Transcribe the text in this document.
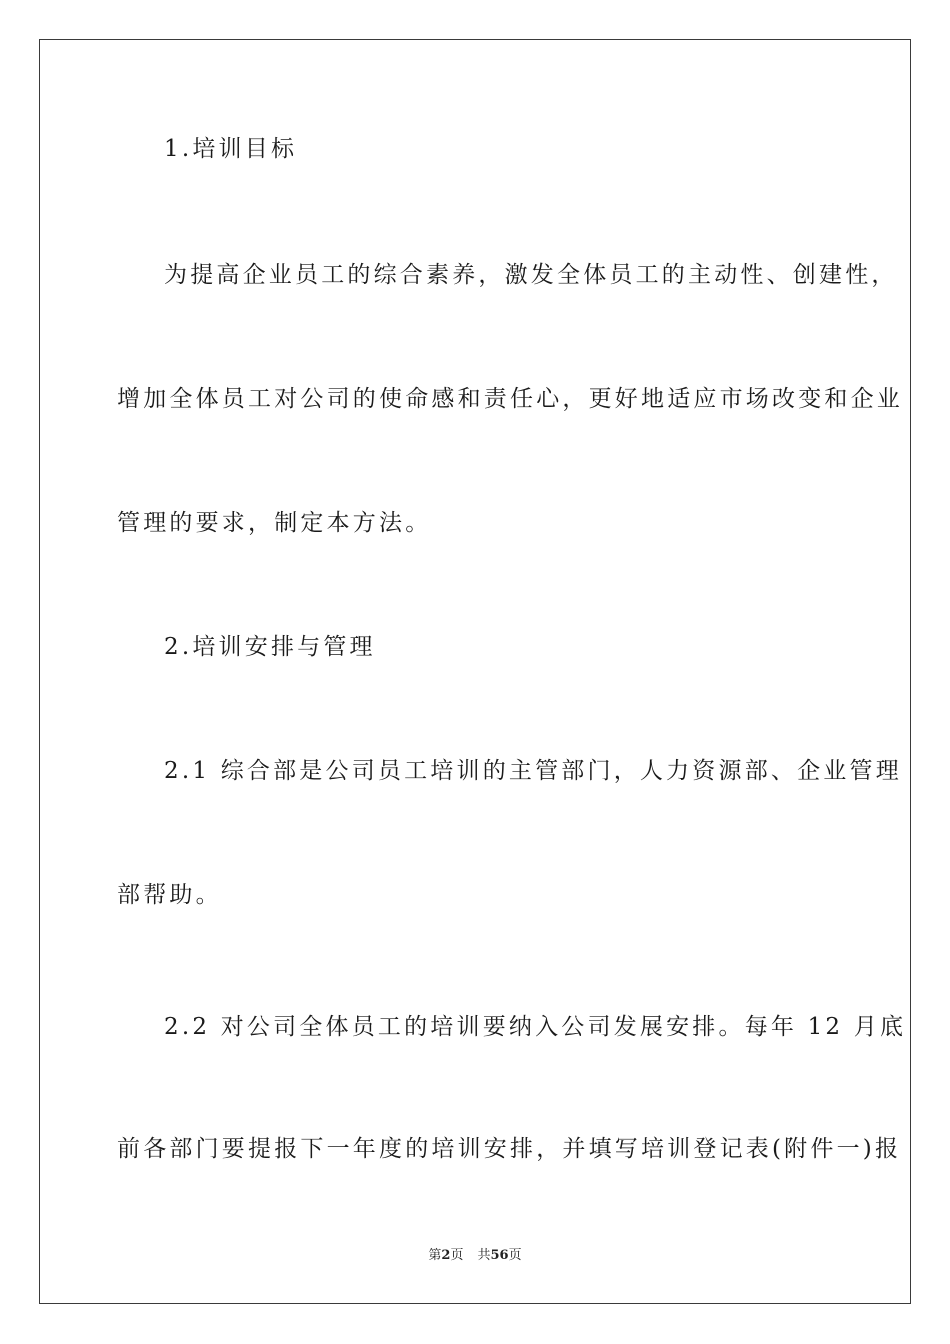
1.培训目标
为提高企业员工的综合素养，激发全体员工的主动性、创建性，
增加全体员工对公司的使命感和责任心，更好地适应市场改变和企业
管理的要求，制定本方法。
2.培训安排与管理
2.1 综合部是公司员工培训的主管部门，人力资源部、企业管理
部帮助。
2.2 对公司全体员工的培训要纳入公司发展安排。每年 12 月底
前各部门要提报下一年度的培训安排，并填写培训登记表(附件一)报
第2页 共56页
